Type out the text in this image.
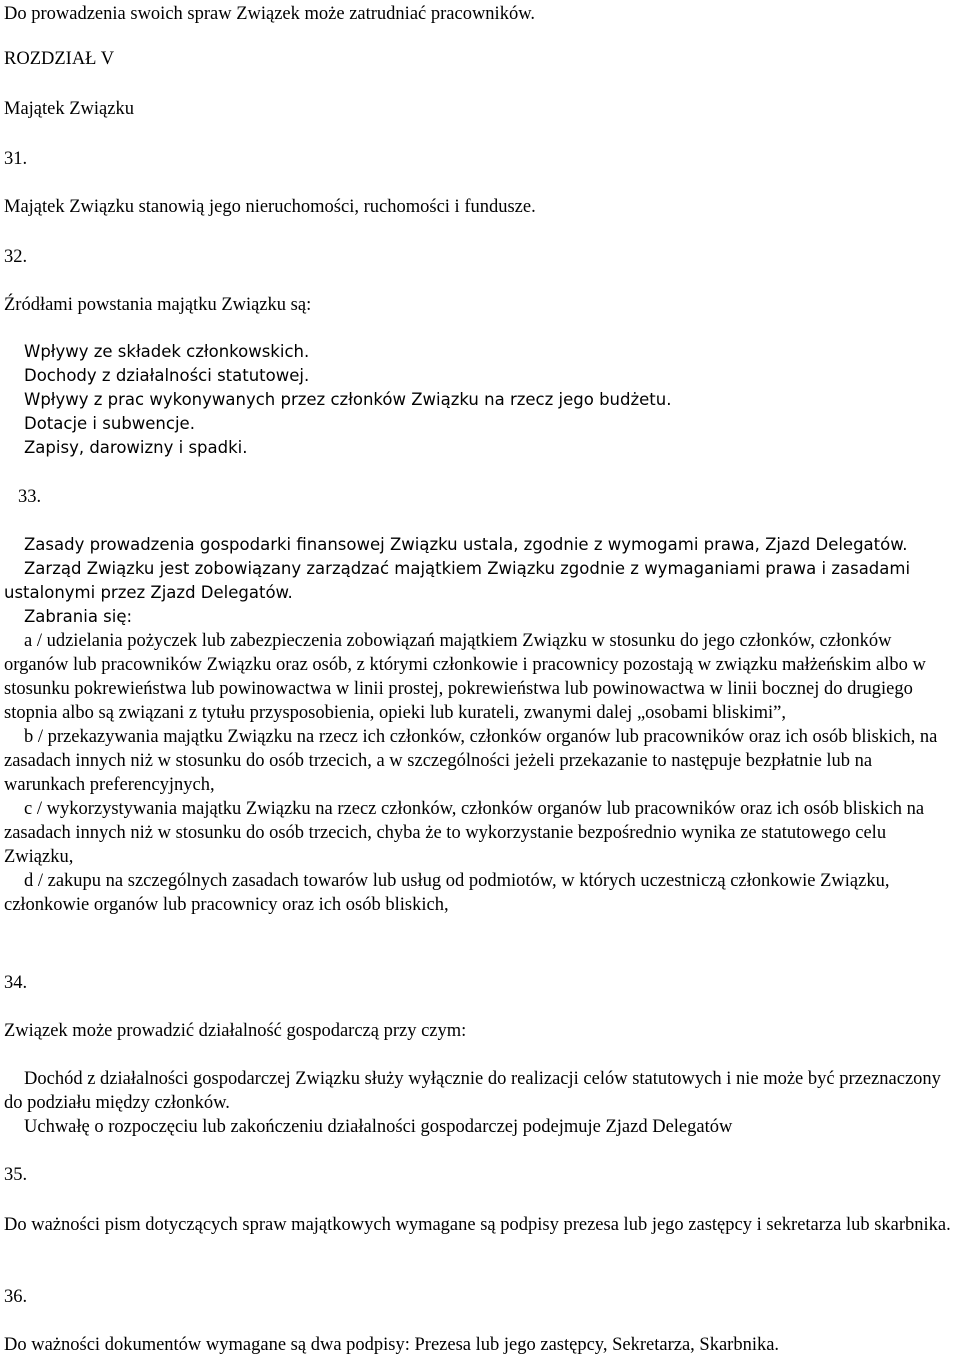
Do prowadzenia swoich spraw Związek może zatrudniać pracowników.
ROZDZIAŁ V
Majątek Związku
31.
Majątek Związku stanowią jego nieruchomości, ruchomości i fundusze.
32.
Źródłami powstania majątku Związku są:
Wpływy ze składek członkowskich.
Dochody z działalności statutowej.
Wpływy z prac wykonywanych przez członków Związku na rzecz jego budżetu.
Dotacje i subwencje.
Zapisy, darowizny i spadki.
33.

Zasady prowadzenia gospodarki finansowej Związku ustala, zgodnie z wymogami prawa, Zjazd Delegatów.

Zarząd Związku jest zobowiązany zarządzać majątkiem Związku zgodnie z wymaganiami prawa i zasadami ustalonymi przez Zjazd Delegatów.

Zabrania się:

a / udzielania pożyczek lub zabezpieczenia zobowiązań majątkiem Związku w stosunku do jego członków, członków organów lub pracowników Związku oraz osób, z którymi członkowie i pracownicy pozostają w związku małżeńskim albo w stosunku pokrewieństwa lub powinowactwa w linii prostej, pokrewieństwa lub powinowactwa w linii bocznej do drugiego stopnia albo są związani z tytułu przysposobienia, opieki lub kurateli, zwanymi dalej „osobami bliskimi”,

b / przekazywania majątku Związku na rzecz ich członków, członków organów lub pracowników oraz ich osób bliskich, na zasadach innych niż w stosunku do osób trzecich, a w szczególności jeżeli przekazanie to następuje bezpłatnie lub na warunkach preferencyjnych,

c / wykorzystywania majątku Związku na rzecz członków, członków organów lub pracowników oraz ich osób bliskich na zasadach innych niż w stosunku do osób trzecich, chyba że to wykorzystanie bezpośrednio wynika ze statutowego celu Związku,

d / zakupu na szczególnych zasadach towarów lub usług od podmiotów, w których uczestniczą członkowie Związku, członkowie organów lub pracownicy oraz ich osób bliskich,

34.
Związek może prowadzić działalność gospodarczą przy czym:

Dochód z działalności gospodarczej Związku służy wyłącznie do realizacji celów statutowych i nie może być przeznaczony do podziału między członków.

Uchwałę o rozpoczęciu lub zakończeniu działalności gospodarczej podejmuje Zjazd Delegatów

35.
Do ważności pism dotyczących spraw majątkowych wymagane są podpisy prezesa lub jego zastępcy i sekretarza lub skarbnika.
36.
Do ważności dokumentów wymagane są dwa podpisy: Prezesa lub jego zastępcy, Sekretarza, Skarbnika.
